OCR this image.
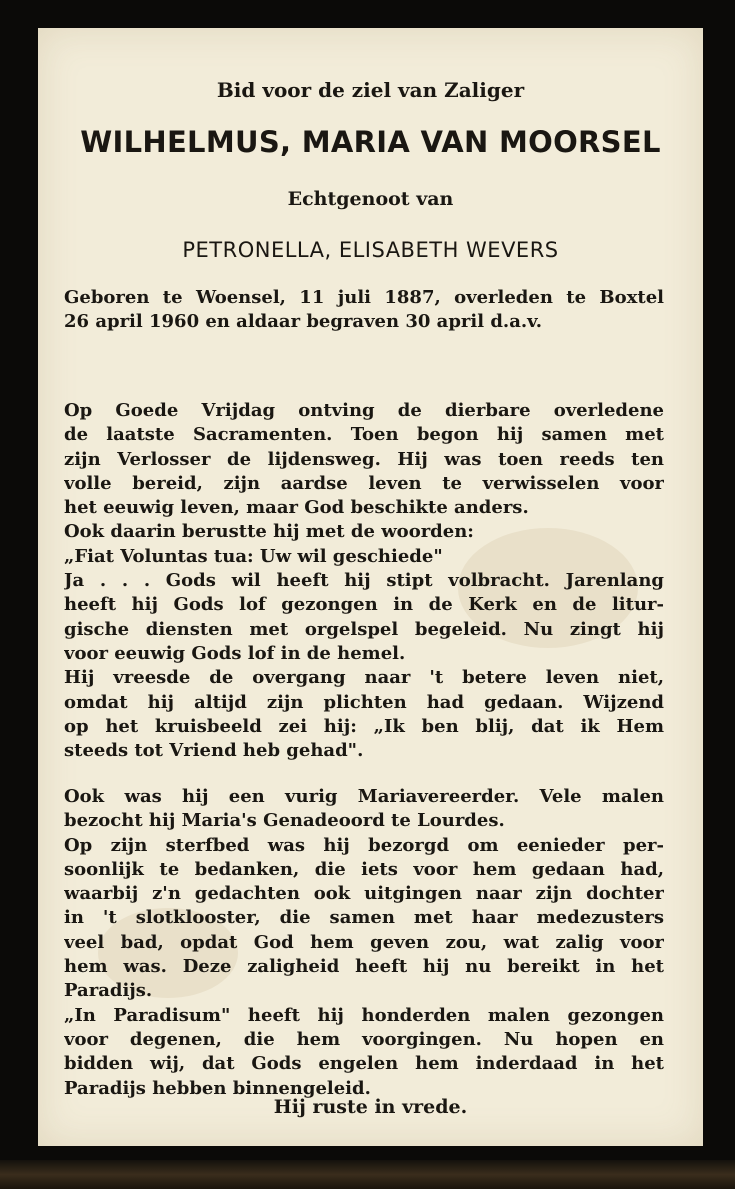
Bid voor de ziel van Zaliger

WILHELMUS, MARIA VAN MOORSEL

Echtgenoot van

PETRONELLA, ELISABETH WEVERS

Geboren te Woensel, 11 juli 1887, overleden te Boxtel
26 april 1960 en aldaar begraven 30 april d.a.v.
Op Goede Vrijdag ontving de dierbare overledene
de laatste Sacramenten. Toen begon hij samen met
zijn Verlosser de lijdensweg. Hij was toen reeds ten
volle bereid, zijn aardse leven te verwisselen voor
het eeuwig leven, maar God beschikte anders.
Ook daarin berustte hij met de woorden:
„Fiat Voluntas tua: Uw wil geschiede"
Ja . . . Gods wil heeft hij stipt volbracht. Jarenlang
heeft hij Gods lof gezongen in de Kerk en de litur-
gische diensten met orgelspel begeleid. Nu zingt hij
voor eeuwig Gods lof in de hemel.
Hij vreesde de overgang naar 't betere leven niet,
omdat hij altijd zijn plichten had gedaan. Wijzend
op het kruisbeeld zei hij: „Ik ben blij, dat ik Hem
steeds tot Vriend heb gehad".
Ook was hij een vurig Mariavereerder. Vele malen
bezocht hij Maria's Genadeoord te Lourdes.
Op zijn sterfbed was hij bezorgd om eenieder per-
soonlijk te bedanken, die iets voor hem gedaan had,
waarbij z'n gedachten ook uitgingen naar zijn dochter
in 't slotklooster, die samen met haar medezusters
veel bad, opdat God hem geven zou, wat zalig voor
hem was. Deze zaligheid heeft hij nu bereikt in het
Paradijs.
„In Paradisum" heeft hij honderden malen gezongen
voor degenen, die hem voorgingen. Nu hopen en
bidden wij, dat Gods engelen hem inderdaad in het
Paradijs hebben binnengeleid.

Hij ruste in vrede.
